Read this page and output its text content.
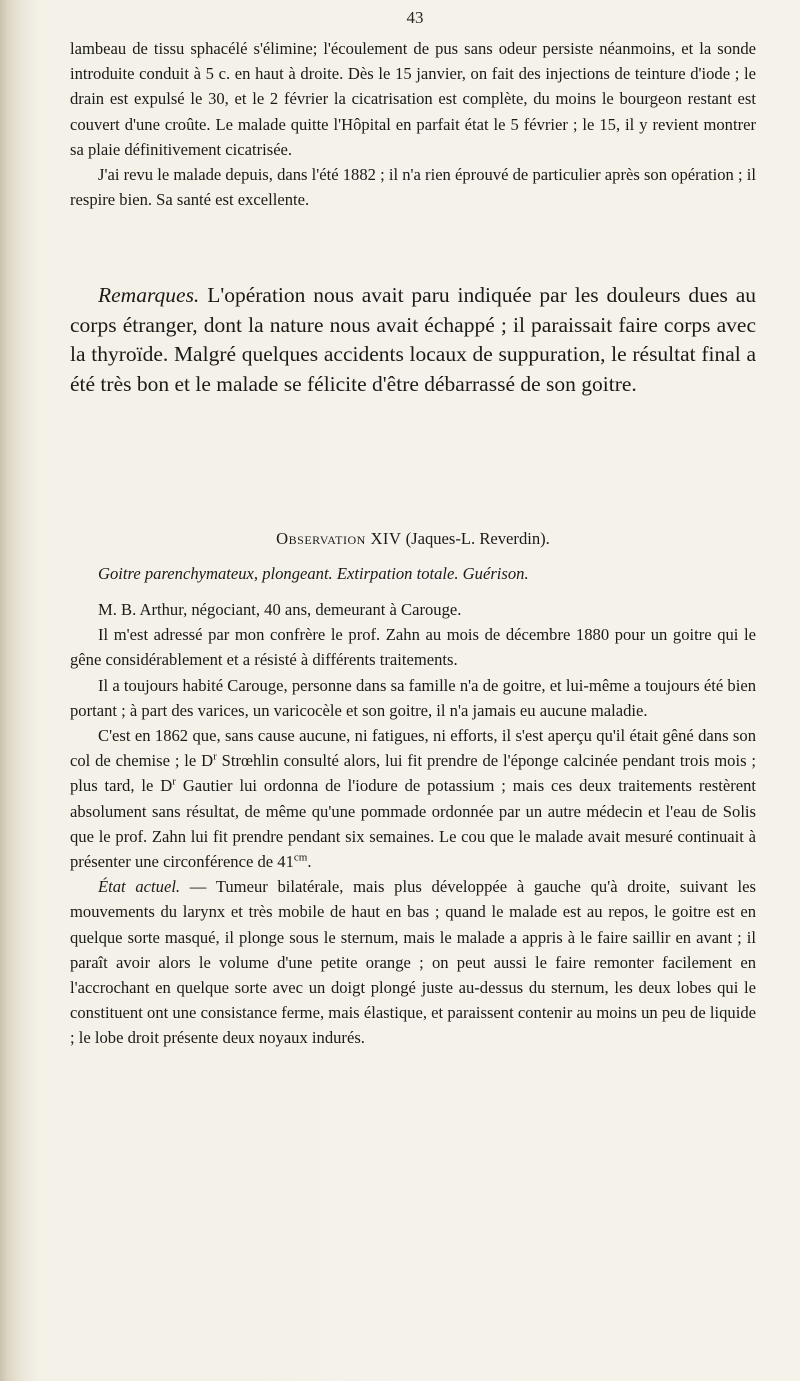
43

lambeau de tissu sphacélé s'élimine; l'écoulement de pus sans odeur persiste néanmoins, et la sonde introduite conduit à 5 c. en haut à droite. Dès le 15 janvier, on fait des injections de teinture d'iode ; le drain est expulsé le 30, et le 2 février la cicatrisation est complète, du moins le bourgeon restant est couvert d'une croûte. Le malade quitte l'Hôpital en parfait état le 5 février ; le 15, il y revient montrer sa plaie définitivement cicatrisée.

J'ai revu le malade depuis, dans l'été 1882 ; il n'a rien éprouvé de particulier après son opération ; il respire bien. Sa santé est excellente.

Remarques. L'opération nous avait paru indiquée par les douleurs dues au corps étranger, dont la nature nous avait échappé ; il paraissait faire corps avec la thyroïde. Malgré quelques accidents locaux de suppuration, le résultat final a été très bon et le malade se félicite d'être débarrassé de son goitre.

Observation XIV (Jaques-L. Reverdin).

Goitre parenchymateux, plongeant. Extirpation totale. Guérison.

M. B. Arthur, négociant, 40 ans, demeurant à Carouge.

Il m'est adressé par mon confrère le prof. Zahn au mois de décembre 1880 pour un goitre qui le gêne considérablement et a résisté à différents traitements.

Il a toujours habité Carouge, personne dans sa famille n'a de goitre, et lui-même a toujours été bien portant ; à part des varices, un varicocèle et son goitre, il n'a jamais eu aucune maladie.

C'est en 1862 que, sans cause aucune, ni fatigues, ni efforts, il s'est aperçu qu'il était gêné dans son col de chemise ; le $D^r$ Strœhlin consulté alors, lui fit prendre de l'éponge calcinée pendant trois mois ; plus tard, le $D^r$ Gautier lui ordonna de l'iodure de potassium ; mais ces deux traitements restèrent absolument sans résultat, de même qu'une pommade ordonnée par un autre médecin et l'eau de Solis que le prof. Zahn lui fit prendre pendant six semaines. Le cou que le malade avait mesuré continuait à présenter une circonférence de $41^{cm}$.

État actuel. — Tumeur bilatérale, mais plus développée à gauche qu'à droite, suivant les mouvements du larynx et très mobile de haut en bas ; quand le malade est au repos, le goitre est en quelque sorte masqué, il plonge sous le sternum, mais le malade a appris à le faire saillir en avant ; il paraît avoir alors le volume d'une petite orange ; on peut aussi le faire remonter facilement en l'accrochant en quelque sorte avec un doigt plongé juste au-dessus du sternum, les deux lobes qui le constituent ont une consistance ferme, mais élastique, et paraissent contenir au moins un peu de liquide ; le lobe droit présente deux noyaux indurés.
